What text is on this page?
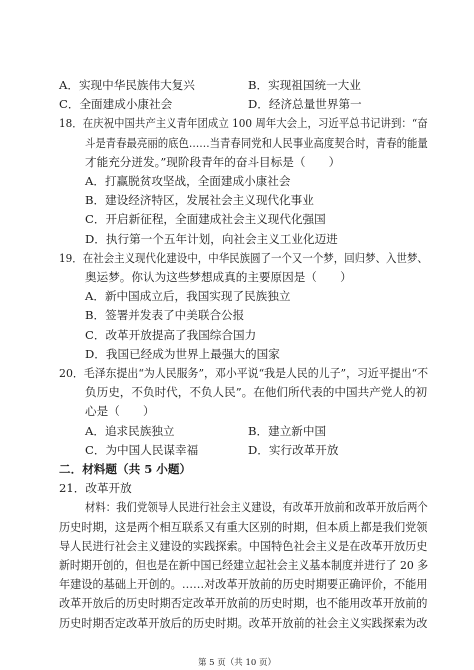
A．实现中华民族伟大复兴	B．实现祖国统一大业
C．全面建成小康社会	D．经济总量世界第一
18．在庆祝中国共产主义青年团成立 100 周年大会上，习近平总书记讲到：“奋
斗是青春最亮丽的底色……当青春同党和人民事业高度契合时，青春的能量
才能充分迸发。”现阶段青年的奋斗目标是（　　）
A．打赢脱贫攻坚战，全面建成小康社会
B．建设经济特区，发展社会主义现代化事业
C．开启新征程，全面建成社会主义现代化强国
D．执行第一个五年计划，向社会主义工业化迈进
19．在社会主义现代化建设中，中华民族圆了一个又一个梦，回归梦、入世梦、
奥运梦。你认为这些梦想成真的主要原因是（　　）
A．新中国成立后，我国实现了民族独立
B．签署并发表了中美联合公报
C．改革开放提高了我国综合国力
D．我国已经成为世界上最强大的国家
20．毛泽东提出“为人民服务”，邓小平说“我是人民的儿子”，习近平提出“不
负历史，不负时代，不负人民”。在他们所代表的中国共产党人的初
心是（　　）
A．追求民族独立	B．建立新中国
C．为中国人民谋幸福	D．实行改革开放
二．材料题（共 5 小题）
21．改革开放
材料：我们党领导人民进行社会主义建设，有改革开放前和改革开放后两个
历史时期，这是两个相互联系又有重大区别的时期，但本质上都是我们党领
导人民进行社会主义建设的实践探索。中国特色社会主义是在改革开放历史
新时期开创的，但也是在新中国已经建立起社会主义基本制度并进行了 20 多
第 5 页（共 10 页）
年建设的基础上开创的。……对改革开放前的历史时期要正确评价，不能用
改革开放后的历史时期否定改革开放前的历史时期，也不能用改革开放前的
历史时期否定改革开放后的历史时期。改革开放前的社会主义实践探索为改
